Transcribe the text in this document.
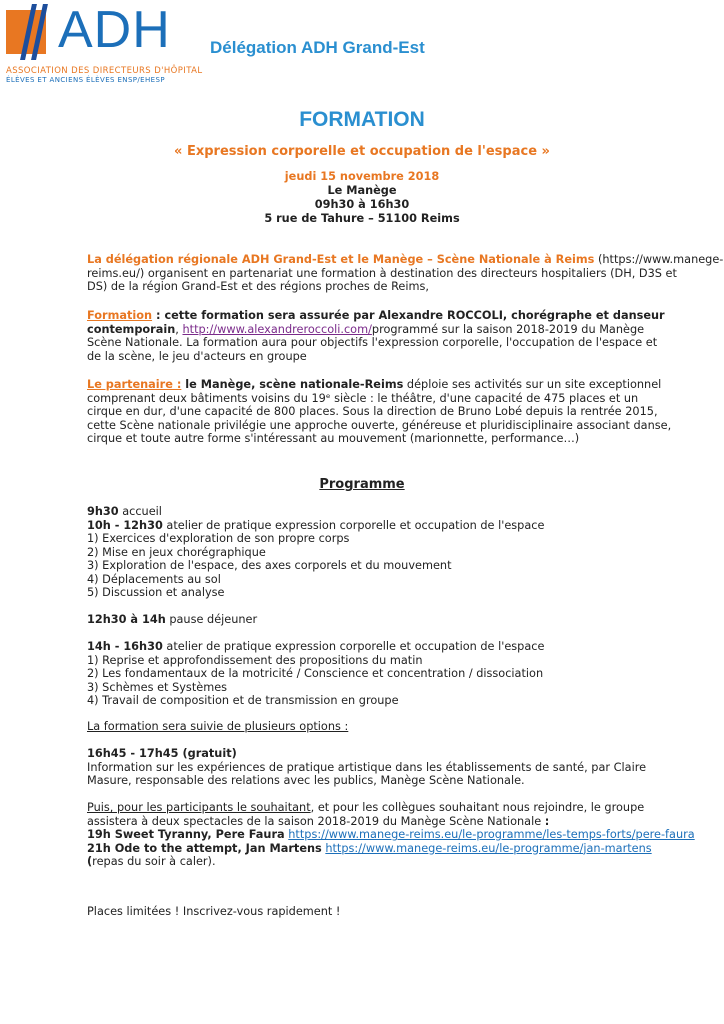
ADH
ASSOCIATION DES DIRECTEURS D'HÔPITAL
ÉLÈVES ET ANCIENS ÉLÈVES ENSP/EHESP
Délégation ADH Grand-Est
FORMATION
« Expression corporelle et occupation de l'espace »
jeudi 15 novembre 2018
Le Manège
09h30 à 16h30
5 rue de Tahure – 51100 Reims
La délégation régionale ADH Grand-Est et le Manège – Scène Nationale à Reims (https://www.manege-
reims.eu/) organisent en partenariat une formation à destination des directeurs hospitaliers (DH, D3S et
DS) de la région Grand-Est et des régions proches de Reims,
Formation : cette formation sera assurée par Alexandre ROCCOLI, chorégraphe et danseur
contemporain, http://www.alexandreroccoli.com/programmé sur la saison 2018-2019 du Manège
Scène Nationale. La formation aura pour objectifs l'expression corporelle, l'occupation de l'espace et
de la scène, le jeu d'acteurs en groupe
Le partenaire : le Manège, scène nationale-Reims déploie ses activités sur un site exceptionnel
comprenant deux bâtiments voisins du 19ᵉ siècle : le théâtre, d'une capacité de 475 places et un
cirque en dur, d'une capacité de 800 places. Sous la direction de Bruno Lobé depuis la rentrée 2015,
cette Scène nationale privilégie une approche ouverte, généreuse et pluridisciplinaire associant danse,
cirque et toute autre forme s'intéressant au mouvement (marionnette, performance…)
Programme
9h30 accueil
10h - 12h30 atelier de pratique expression corporelle et occupation de l'espace
1) Exercices d'exploration de son propre corps
2) Mise en jeux chorégraphique
3) Exploration de l'espace, des axes corporels et du mouvement
4) Déplacements au sol
5) Discussion et analyse
12h30 à 14h pause déjeuner
14h - 16h30 atelier de pratique expression corporelle et occupation de l'espace
1) Reprise et approfondissement des propositions du matin
2) Les fondamentaux de la motricité / Conscience et concentration / dissociation
3) Schèmes et Systèmes
4) Travail de composition et de transmission en groupe
La formation sera suivie de plusieurs options :
16h45 - 17h45 (gratuit)
Information sur les expériences de pratique artistique dans les établissements de santé, par Claire
Masure, responsable des relations avec les publics, Manège Scène Nationale.
Puis, pour les participants le souhaitant, et pour les collègues souhaitant nous rejoindre, le groupe
assistera à deux spectacles de la saison 2018-2019 du Manège Scène Nationale :
19h Sweet Tyranny, Pere Faura https://www.manege-reims.eu/le-programme/les-temps-forts/pere-faura
21h Ode to the attempt, Jan Martens https://www.manege-reims.eu/le-programme/jan-martens
(repas du soir à caler).
Places limitées ! Inscrivez-vous rapidement !
